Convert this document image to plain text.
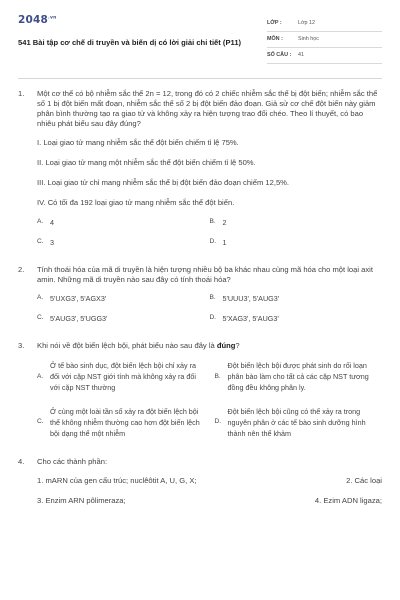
$2048^{.vn}$
541 Bài tập cơ chế di truyền và biến dị có lời giải chi tiết (P11)
LỚP :	Lớp 12
MÔN :	Sinh học
SỐ CÂU :	41
1.	Một cơ thể có bộ nhiễm sắc thể 2n = 12, trong đó có 2 chiếc nhiễm sắc thể bị đột biến; nhiễm sắc thể số 1 bị đột biến mất đoạn, nhiễm sắc thể số 2 bị đột biến đảo đoạn. Giả sử cơ chế đột biến này giảm phân bình thường tạo ra giao tử và không xảy ra hiện tượng trao đổi chéo. Theo lí thuyết, có bao nhiêu phát biểu sau đây đúng?
I. Loại giao tử mang nhiễm sắc thể đột biến chiếm tỉ lệ 75%.
II. Loại giao tử mang một nhiễm sắc thể đột biến chiếm tỉ lệ 50%.
III. Loại giao tử chỉ mang nhiễm sắc thể bị đột biến đảo đoạn chiếm 12,5%.
IV. Có tối đa 192 loại giao tử mang nhiễm sắc thể đột biến.
A. 4	B. 2
C. 3	D. 1
2.	Tính thoái hóa của mã di truyền là hiện tượng nhiều bộ ba khác nhau cùng mã hóa cho một loại axit amin. Những mã di truyền nào sau đây có tính thoái hóa?
A. 5'UXG3', 5'AGX3'	B. 5'UUU3', 5'AUG3'
C. 5'AUG3', 5'UGG3'	D. 5'XAG3', 5'AUG3'
3.	Khi nói về đột biến lệch bội, phát biểu nào sau đây là đúng?
A.
Ở tế bào sinh dục, đột biến lệch bội chỉ xảy ra đối với cặp NST giới tính mà không xảy ra đối với cặp NST thường
B.
Đột biến lệch bội được phát sinh do rối loạn phân bào làm cho tất cả các cặp NST tương đồng đều không phân ly.
C.
Ở cùng một loài tần số xảy ra đột biến lệch bội thể không nhiễm thường cao hơn đột biến lệch bội dạng thể một nhiễm
D.
Đột biến lệch bội cũng có thể xảy ra trong nguyên phân ở các tế bào sinh dưỡng hình thành nên thể khảm
4.	Cho các thành phần:
1. mARN của gen cấu trúc; nuclêôtit A, U, G, X;	2. Các loại
3. Enzim ARN pôlimeraza;	4. Ezim ADN ligaza;
